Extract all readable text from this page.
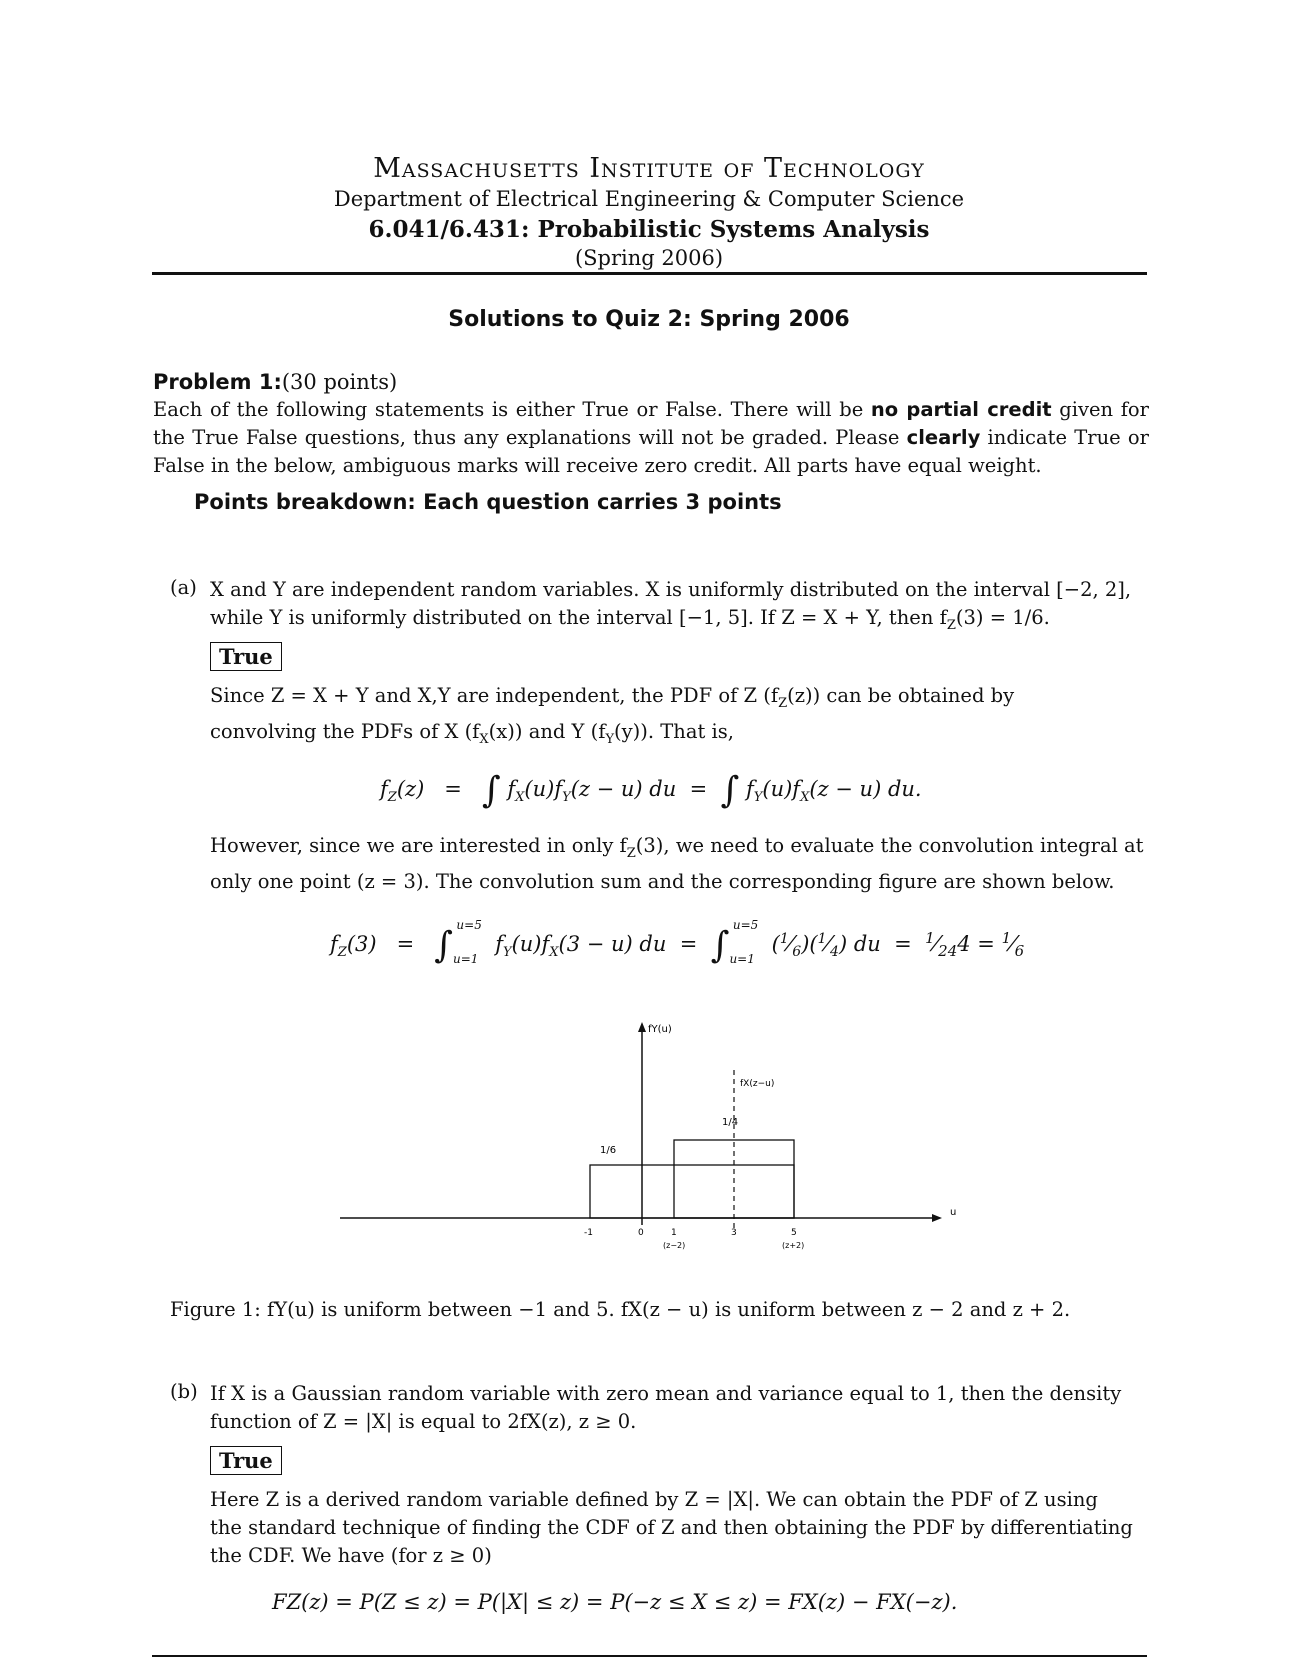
Massachusetts Institute of Technology
Department of Electrical Engineering & Computer Science
6.041/6.431: Probabilistic Systems Analysis
(Spring 2006)
Solutions to Quiz 2: Spring 2006
Problem 1:(30 points)
Each of the following statements is either True or False. There will be no partial credit given for the True False questions, thus any explanations will not be graded. Please clearly indicate True or False in the below, ambiguous marks will receive zero credit. All parts have equal weight.
Points breakdown: Each question carries 3 points
(a) X and Y are independent random variables. X is uniformly distributed on the interval [−2, 2],
while Y is uniformly distributed on the interval [−1, 5]. If Z = X + Y, then $f_Z(3) = 1/6$.
True
Since Z = X + Y and X,Y are independent, the PDF of Z $(f_Z(z))$ can be obtained by
convolving the PDFs of X $(f_X(x))$ and Y $(f_Y(y))$. That is,
$f_Z(z)$   =   ∫ $f_X(u)f_Y(z - u)$ du  =  ∫ $f_Y(u)f_X(z - u)$ du.
However, since we are interested in only $f_Z(3)$, we need to evaluate the convolution integral at
only one point (z = 3). The convolution sum and the corresponding figure are shown below.
$f_Z(3) = \int_{u=1}^{u=5}$  $f_Y(u)f_X(3 - u)$ du  =  $\int_{u=1}^{u=5}$  $(^1⁄_6)(^1⁄_4)$ du  =  $^1⁄_{24}4$ = $^1⁄_6$
fY(u)
u
fX(z−u)
1/4
1/6
-1	0	1	3	5
(z−2)	(z+2)
Figure 1: fY(u) is uniform between −1 and 5. fX(z − u) is uniform between z − 2 and z + 2.
(b) If X is a Gaussian random variable with zero mean and variance equal to 1, then the density
function of Z = |X| is equal to 2fX(z), z ≥ 0.
True
Here Z is a derived random variable defined by Z = |X|. We can obtain the PDF of Z using
the standard technique of finding the CDF of Z and then obtaining the PDF by differentiating
the CDF. We have (for z ≥ 0)
FZ(z) = P(Z ≤ z) = P(|X| ≤ z) = P(−z ≤ X ≤ z) = FX(z) − FX(−z).
